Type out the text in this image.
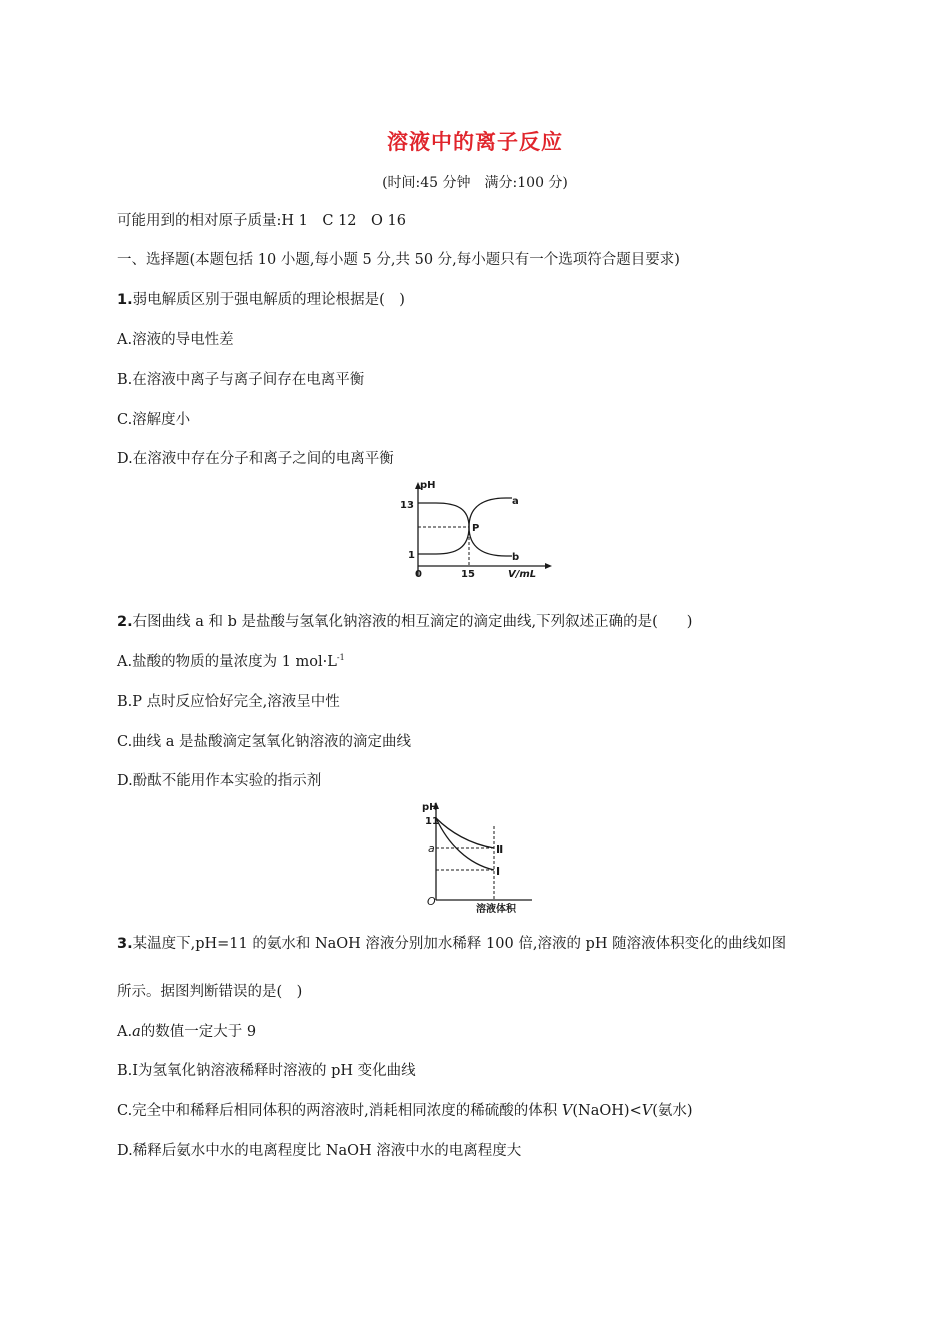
溶液中的离子反应
(时间:45 分钟　满分:100 分)
可能用到的相对原子质量:H 1　C 12　O 16
一、选择题(本题包括 10 小题,每小题 5 分,共 50 分,每小题只有一个选项符合题目要求)
1.弱电解质区别于强电解质的理论根据是(　)
A.溶液的导电性差
B.在溶液中离子与离子间存在电离平衡
C.溶解度小
D.在溶液中存在分子和离子之间的电离平衡
pH
13
1
0	15	V/mL
P
a
b
2.右图曲线 a 和 b 是盐酸与氢氧化钠溶液的相互滴定的滴定曲线,下列叙述正确的是(　　)
A.盐酸的物质的量浓度为 1 $mol\cdot L^{-1}$
B.P 点时反应恰好完全,溶液呈中性
C.曲线 a 是盐酸滴定氢氧化钠溶液的滴定曲线
D.酚酞不能用作本实验的指示剂
pH
11
a
O
溶液体积
Ⅱ
Ⅰ
3.某温度下,pH=11 的氨水和 NaOH 溶液分别加水稀释 100 倍,溶液的 pH 随溶液体积变化的曲线如图
所示。据图判断错误的是(　)
A.a的数值一定大于 9
B.Ⅰ为氢氧化钠溶液稀释时溶液的 pH 变化曲线
C.完全中和稀释后相同体积的两溶液时,消耗相同浓度的稀硫酸的体积 V(NaOH)<V(氨水)
D.稀释后氨水中水的电离程度比 NaOH 溶液中水的电离程度大
